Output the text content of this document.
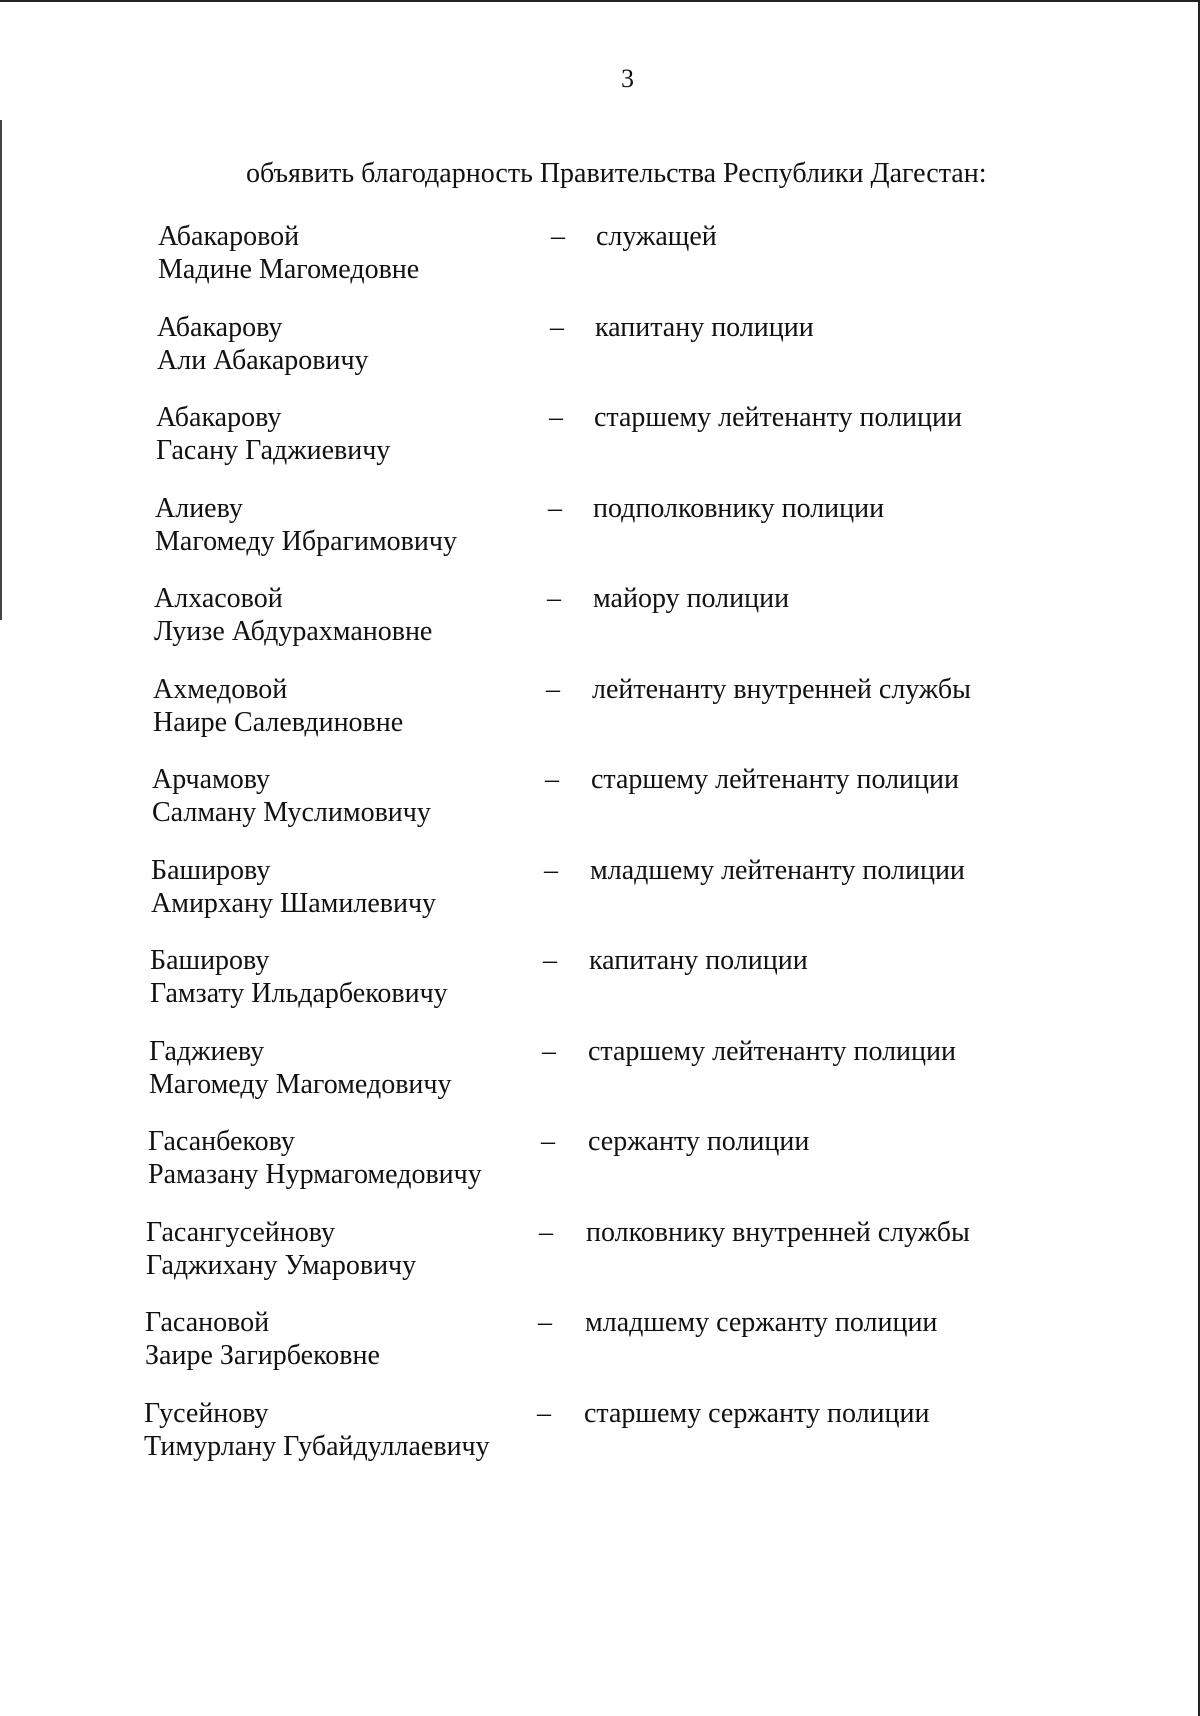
3
объявить благодарность Правительства Республики Дагестан:
Абакаровой
Мадине Магомедовне
– служащей
Абакарову
Али Абакаровичу
– капитану полиции
Абакарову
Гасану Гаджиевичу
– старшему лейтенанту полиции
Алиеву
Магомеду Ибрагимовичу
– подполковнику полиции
Алхасовой
Луизе Абдурахмановне
– майору полиции
Ахмедовой
Наире Салевдиновне
– лейтенанту внутренней службы
Арчамову
Салману Муслимовичу
– старшему лейтенанту полиции
Баширову
Амирхану Шамилевичу
– младшему лейтенанту полиции
Баширову
Гамзату Ильдарбековичу
– капитану полиции
Гаджиеву
Магомеду Магомедовичу
– старшему лейтенанту полиции
Гасанбекову
Рамазану Нурмагомедовичу
– сержанту полиции
Гасангусейнову
Гаджихану Умаровичу
– полковнику внутренней службы
Гасановой
Заире Загирбековне
– младшему сержанту полиции
Гусейнову
Тимурлану Губайдуллаевичу
– старшему сержанту полиции
